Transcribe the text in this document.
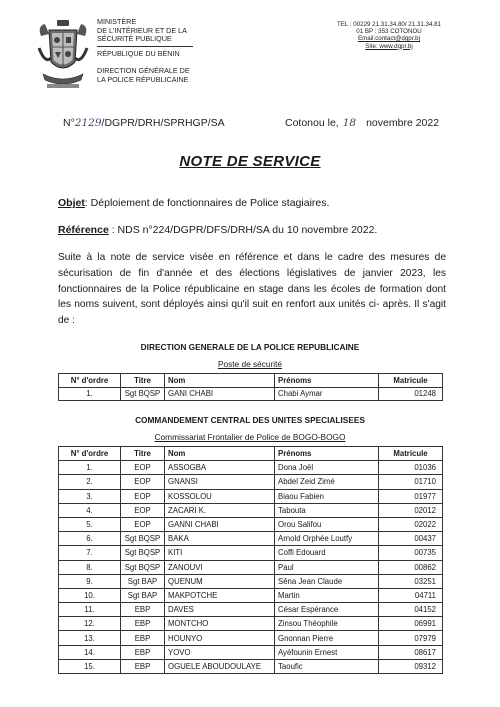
MINISTÈRE
DE L'INTÉRIEUR ET DE LA
SÉCURITÉ PUBLIQUE
RÉPUBLIQUE DU BÉNIN
DIRECTION GÉNÉRALE DE
LA POLICE RÉPUBLICAINE
TEL : 00229 21.31.34.80/ 21.31.34.81
01 BP : 353 COTONOU
Email:contact@dgpr.bj
Site: www.dgpr.bj
N°2129/DGPR/DRH/SPRHGP/SA	Cotonou le, 18 novembre 2022
NOTE DE SERVICE
Objet: Déploiement de fonctionnaires de Police stagiaires.
Référence : NDS n°224/DGPR/DFS/DRH/SA du 10 novembre 2022.
Suite à la note de service visée en référence et dans le cadre des mesures de sécurisation de fin d'année et des élections législatives de janvier 2023, les fonctionnaires de la Police républicaine en stage dans les écoles de formation dont les noms suivent, sont déployés ainsi qu'il suit en renfort aux unités ci- après. Il s'agit de :
DIRECTION GENERALE DE LA POLICE REPUBLICAINE
Poste de sécurité
N° d'ordre	Titre	Nom	Prénoms	Matricule
1.	Sgt BQSP	GANI CHABI	Chabi Aymar	01248
COMMANDEMENT CENTRAL DES UNITES SPECIALISEES
Commissariat Frontalier de Police de BOGO-BOGO
N° d'ordre	Titre	Nom	Prénoms	Matricule
1.	EOP	ASSOGBA	Dona Joël	01036
2.	EOP	GNANSI	Abdel Zeid Zimé	01710
3.	EOP	KOSSOLOU	Biaou Fabien	01977
4.	EOP	ZACARI K.	Tabouta	02012
5.	EOP	GANNI CHABI	Orou Salifou	02022
6.	Sgt BQSP	BAKA	Arnold Orphée Loutfy	00437
7.	Sgt BQSP	KITI	Coffi Edouard	00735
8.	Sgt BQSP	ZANOUVI	Paul	00862
9.	Sgt BAP	QUENUM	Sêna Jean Claude	03251
10.	Sgt BAP	MAKPOTCHE	Martin	04711
11.	EBP	DAVES	César Espérance	04152
12.	EBP	MONTCHO	Zinsou Théophile	06991
13.	EBP	HOUNYO	Gnonnan Pierre	07979
14.	EBP	YOVO	Ayéfounin Ernest	08617
15.	EBP	OGUELE ABOUDOULAYE	Taoufic	09312
